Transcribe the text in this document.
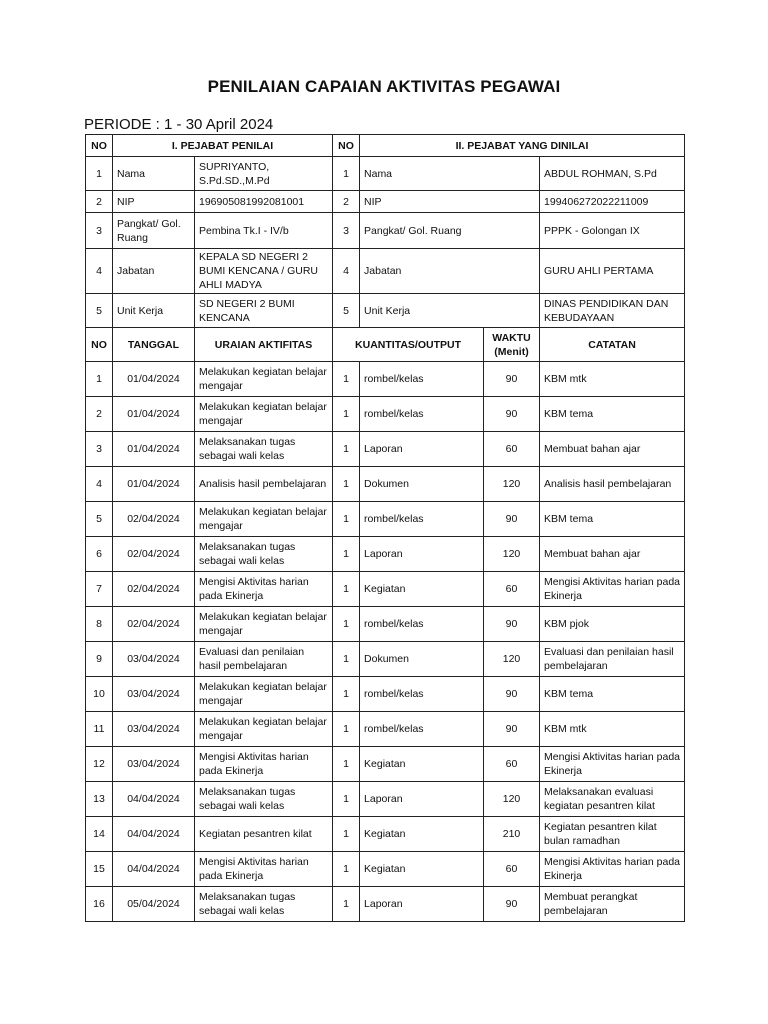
PENILAIAN CAPAIAN AKTIVITAS PEGAWAI
PERIODE : 1 - 30 April 2024
NO	I. PEJABAT PENILAI		NO	II. PEJABAT YANG DINILAI		
1	Nama	SUPRIYANTO, S.Pd.SD.,M.Pd	1	Nama		ABDUL ROHMAN, S.Pd
2	NIP	196905081992081001	2	NIP		199406272022211009
3	Pangkat/ Gol. Ruang	Pembina Tk.I - IV/b	3	Pangkat/ Gol. Ruang		PPPK - Golongan IX
4	Jabatan	KEPALA SD NEGERI 2 BUMI KENCANA / GURU AHLI MADYA	4	Jabatan		GURU AHLI PERTAMA
5	Unit Kerja	SD NEGERI 2 BUMI KENCANA	5	Unit Kerja		DINAS PENDIDIKAN DAN KEBUDAYAAN
NO	TANGGAL	URAIAN AKTIFITAS	KUANTITAS/OUTPUT		WAKTU (Menit)	CATATAN
1	01/04/2024	Melakukan kegiatan belajar mengajar	1	rombel/kelas	90	KBM mtk
2	01/04/2024	Melakukan kegiatan belajar mengajar	1	rombel/kelas	90	KBM tema
3	01/04/2024	Melaksanakan tugas sebagai wali kelas	1	Laporan	60	Membuat bahan ajar
4	01/04/2024	Analisis hasil pembelajaran	1	Dokumen	120	Analisis hasil pembelajaran
5	02/04/2024	Melakukan kegiatan belajar mengajar	1	rombel/kelas	90	KBM tema
6	02/04/2024	Melaksanakan tugas sebagai wali kelas	1	Laporan	120	Membuat bahan ajar
7	02/04/2024	Mengisi Aktivitas harian pada Ekinerja	1	Kegiatan	60	Mengisi Aktivitas harian pada Ekinerja
8	02/04/2024	Melakukan kegiatan belajar mengajar	1	rombel/kelas	90	KBM pjok
9	03/04/2024	Evaluasi dan penilaian hasil pembelajaran	1	Dokumen	120	Evaluasi dan penilaian hasil pembelajaran
10	03/04/2024	Melakukan kegiatan belajar mengajar	1	rombel/kelas	90	KBM tema
11	03/04/2024	Melakukan kegiatan belajar mengajar	1	rombel/kelas	90	KBM mtk
12	03/04/2024	Mengisi Aktivitas harian pada Ekinerja	1	Kegiatan	60	Mengisi Aktivitas harian pada Ekinerja
13	04/04/2024	Melaksanakan tugas sebagai wali kelas	1	Laporan	120	Melaksanakan evaluasi kegiatan pesantren kilat
14	04/04/2024	Kegiatan pesantren kilat	1	Kegiatan	210	Kegiatan pesantren kilat bulan ramadhan
15	04/04/2024	Mengisi Aktivitas harian pada Ekinerja	1	Kegiatan	60	Mengisi Aktivitas harian pada Ekinerja
16	05/04/2024	Melaksanakan tugas sebagai wali kelas	1	Laporan	90	Membuat perangkat pembelajaran
